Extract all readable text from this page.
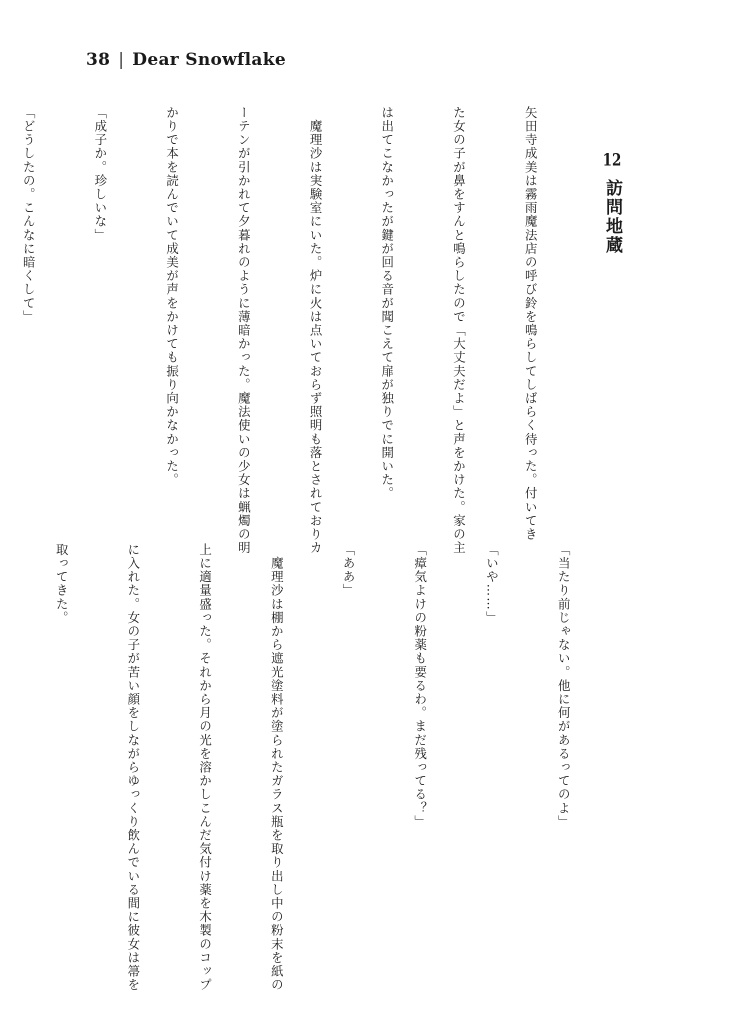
38 | Dear Snowflake
12訪問地蔵

矢田寺成美は霧雨魔法店の呼び鈴を鳴らしてしばらく待った。付いてき

た女の子が鼻をすんと鳴らしたので「大丈夫だよ」と声をかけた。家の主

は出てこなかったが鍵が回る音が聞こえて扉が独りでに開いた。

　魔理沙は実験室にいた。炉に火は点いておらず照明も落とされておりカ

ーテンが引かれて夕暮れのように薄暗かった。魔法使いの少女は蝋燭の明

かりで本を読んでいて成美が声をかけても振り向かなかった。

「成子か。珍しいな」

「どうしたの。こんなに暗くして」

「当たり前じゃない。他に何があるってのよ」

「いや……」

「瘴気よけの粉薬も要るわ。まだ残ってる？」

「ああ」

　魔理沙は棚から遮光塗料が塗られたガラス瓶を取り出し中の粉末を紙の

上に適量盛った。それから月の光を溶かしこんだ気付け薬を木製のコップ

に入れた。女の子が苦い顔をしながらゆっくり飲んでいる間に彼女は箒を

取ってきた。
